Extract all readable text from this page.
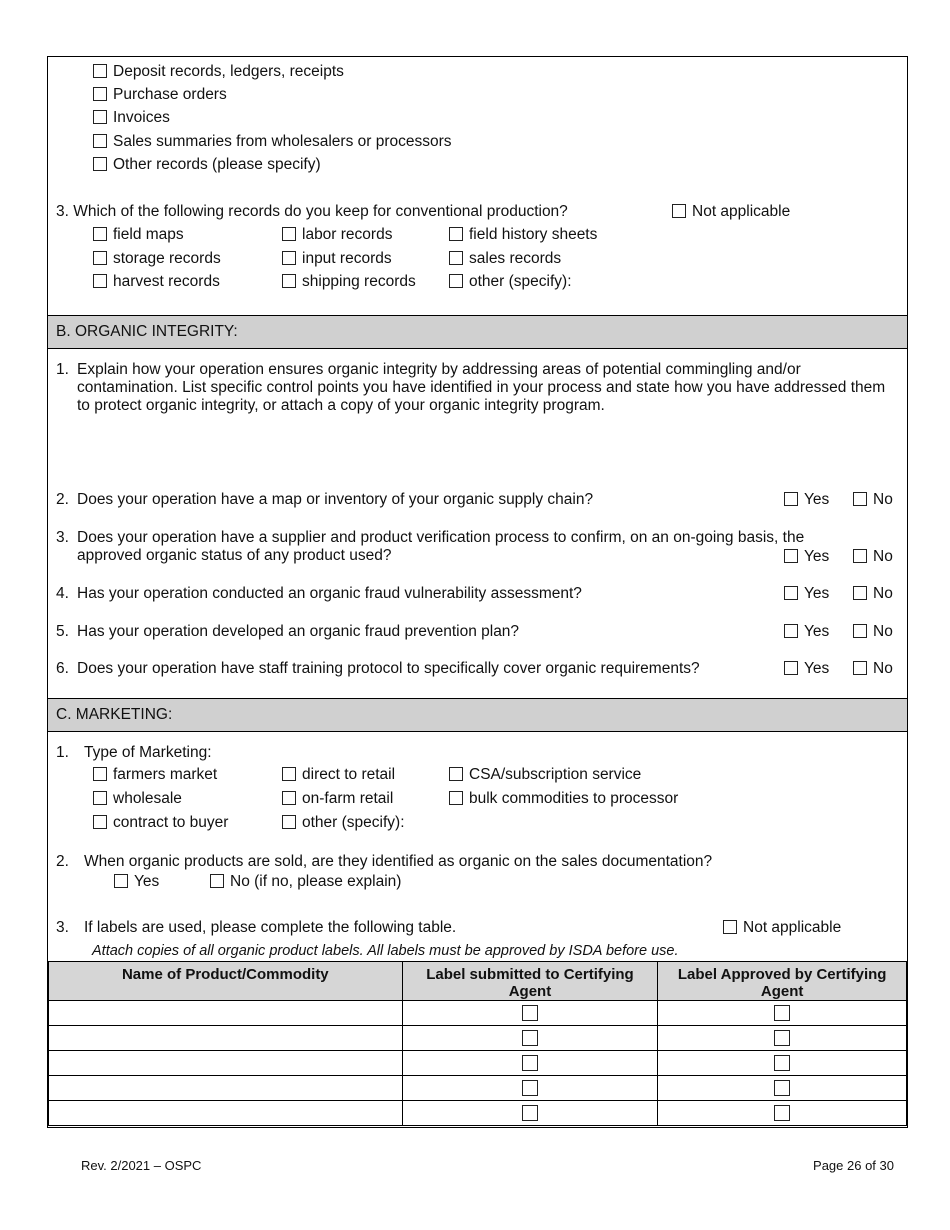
Deposit records, ledgers, receipts
Purchase orders
Invoices
Sales summaries from wholesalers or processors
Other records (please specify)
3. Which of the following records do you keep for conventional production?	Not applicable
field maps
storage records
harvest records
labor records
input records
shipping records
field history sheets
sales records
other (specify):
B. ORGANIC INTEGRITY:
1. Explain how your operation ensures organic integrity by addressing areas of potential commingling and/or contamination. List specific control points you have identified in your process and state how you have addressed them to protect organic integrity, or attach a copy of your organic integrity program.
2. Does your operation have a map or inventory of your organic supply chain?	Yes	No
3. Does your operation have a supplier and product verification process to confirm, on an on-going basis, the approved organic status of any product used?	Yes	No
4. Has your operation conducted an organic fraud vulnerability assessment?	Yes	No
5. Has your operation developed an organic fraud prevention plan?	Yes	No
6. Does your operation have staff training protocol to specifically cover organic requirements?	Yes	No
C. MARKETING:
1. Type of Marketing:
farmers market
wholesale
contract to buyer
direct to retail
on-farm retail
other (specify):
CSA/subscription service
bulk commodities to processor
2. When organic products are sold, are they identified as organic on the sales documentation?
Yes	No (if no, please explain)
3. If labels are used, please complete the following table.	Not applicable
Attach copies of all organic product labels. All labels must be approved by ISDA before use.
Name of Product/Commodity	Label submitted to Certifying Agent	Label Approved by Certifying Agent

Rev. 2/2021 – OSPC	Page 26 of 30
